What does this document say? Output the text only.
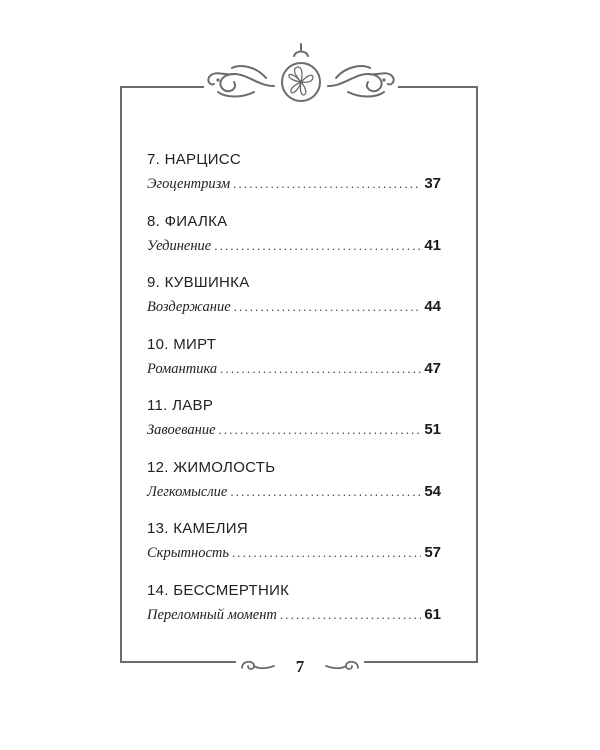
7. НАРЦИСС
Эгоцентризм .....	37
8. ФИАЛКА
Уединение .....	41
9. КУВШИНКА
Воздержание .....	44
10. МИРТ
Романтика .....	47
11. ЛАВР
Завоевание .....	51
12. ЖИМОЛОСТЬ
Легкомыслие .....	54
13. КАМЕЛИЯ
Скрытность .....	57
14. БЕССМЕРТНИК
Переломный момент .....	61
7
